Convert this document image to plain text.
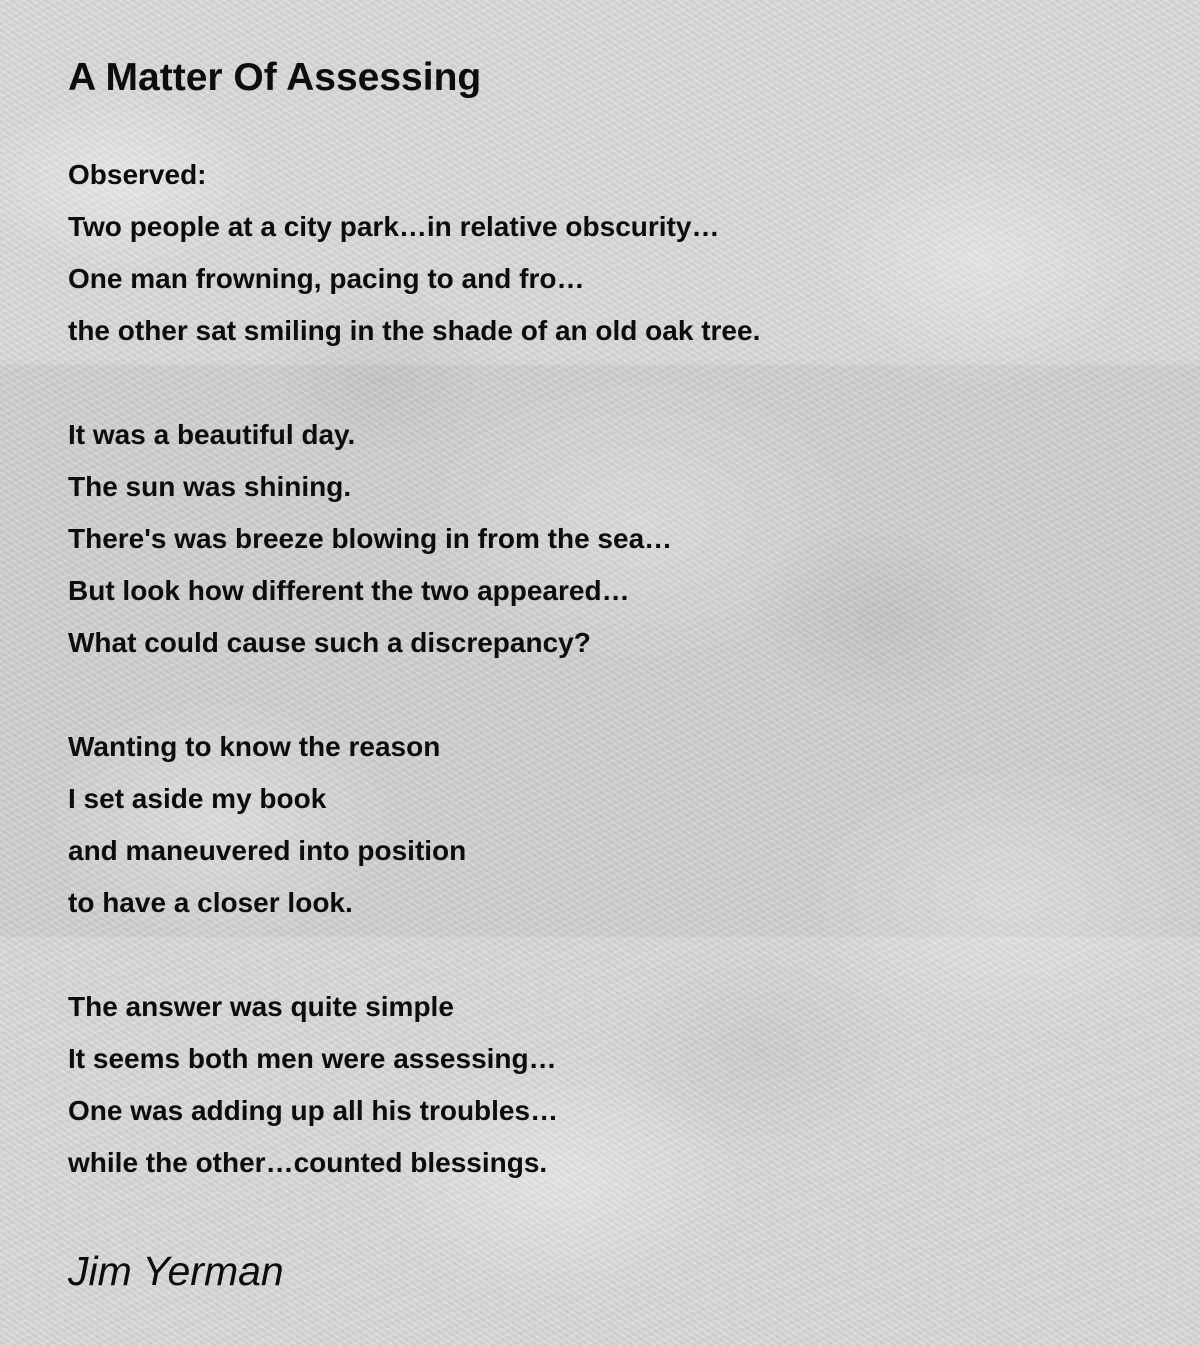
A Matter Of Assessing
Observed:
Two people at a city park…in relative obscurity…
One man frowning, pacing to and fro…
the other sat smiling in the shade of an old oak tree.
It was a beautiful day.
The sun was shining.
There's was breeze blowing in from the sea…
But look how different the two appeared…
What could cause such a discrepancy?
Wanting to know the reason
I set aside my book
and maneuvered into position
to have a closer look.
The answer was quite simple
It seems both men were assessing…
One was adding up all his troubles…
while the other…counted blessings.

Jim Yerman
